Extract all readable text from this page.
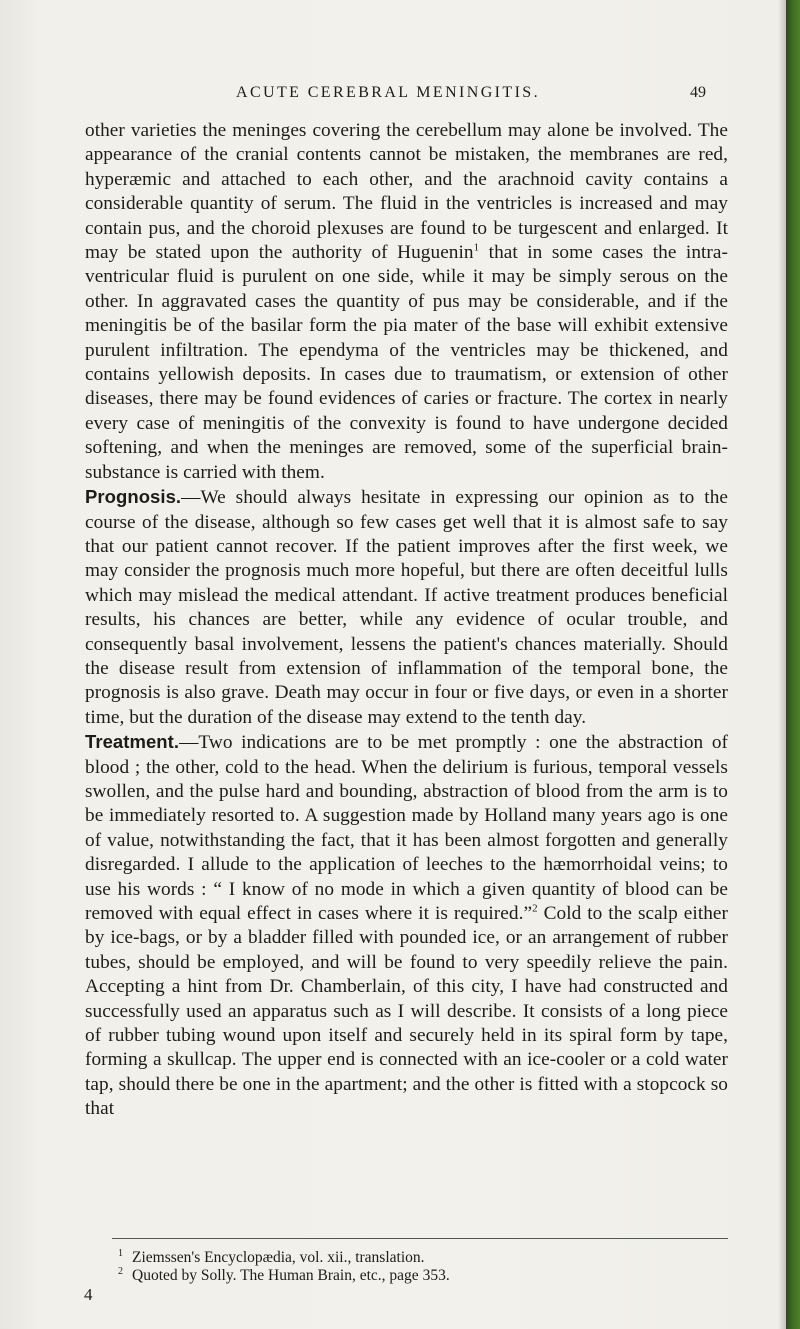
ACUTE CEREBRAL MENINGITIS.	49

other varieties the meninges covering the cerebellum may alone be involved. The appearance of the cranial contents cannot be mistaken, the membranes are red, hyperæmic and attached to each other, and the arachnoid cavity contains a considerable quantity of serum. The fluid in the ventricles is increased and may contain pus, and the choroid plexuses are found to be turgescent and enlarged. It may be stated upon the authority of Huguenin$^1$ that in some cases the intra-ventricular fluid is purulent on one side, while it may be simply serous on the other. In aggravated cases the quantity of pus may be considerable, and if the meningitis be of the basilar form the pia mater of the base will exhibit extensive purulent infiltration. The ependyma of the ventricles may be thickened, and contains yellowish deposits. In cases due to traumatism, or extension of other diseases, there may be found evidences of caries or fracture. The cortex in nearly every case of meningitis of the convexity is found to have undergone decided softening, and when the meninges are removed, some of the superficial brain-substance is carried with them.

Prognosis.—We should always hesitate in expressing our opinion as to the course of the disease, although so few cases get well that it is almost safe to say that our patient cannot recover. If the patient improves after the first week, we may consider the prognosis much more hopeful, but there are often deceitful lulls which may mislead the medical attendant. If active treatment produces beneficial results, his chances are better, while any evidence of ocular trouble, and consequently basal involvement, lessens the patient's chances materially. Should the disease result from extension of inflammation of the temporal bone, the prognosis is also grave. Death may occur in four or five days, or even in a shorter time, but the duration of the disease may extend to the tenth day.

Treatment.—Two indications are to be met promptly : one the abstraction of blood ; the other, cold to the head. When the delirium is furious, temporal vessels swollen, and the pulse hard and bounding, abstraction of blood from the arm is to be immediately resorted to. A suggestion made by Holland many years ago is one of value, notwithstanding the fact, that it has been almost forgotten and generally disregarded. I allude to the application of leeches to the hæmorrhoidal veins; to use his words : “ I know of no mode in which a given quantity of blood can be removed with equal effect in cases where it is required.”$^2$ Cold to the scalp either by ice-bags, or by a bladder filled with pounded ice, or an arrangement of rubber tubes, should be employed, and will be found to very speedily relieve the pain. Accepting a hint from Dr. Chamberlain, of this city, I have had constructed and successfully used an apparatus such as I will describe. It consists of a long piece of rubber tubing wound upon itself and securely held in its spiral form by tape, forming a skullcap. The upper end is connected with an ice-cooler or a cold water tap, should there be one in the apartment; and the other is fitted with a stopcock so that

1 Ziemssen's Encyclopædia, vol. xii., translation.
2 Quoted by Solly. The Human Brain, etc., page 353.
4
